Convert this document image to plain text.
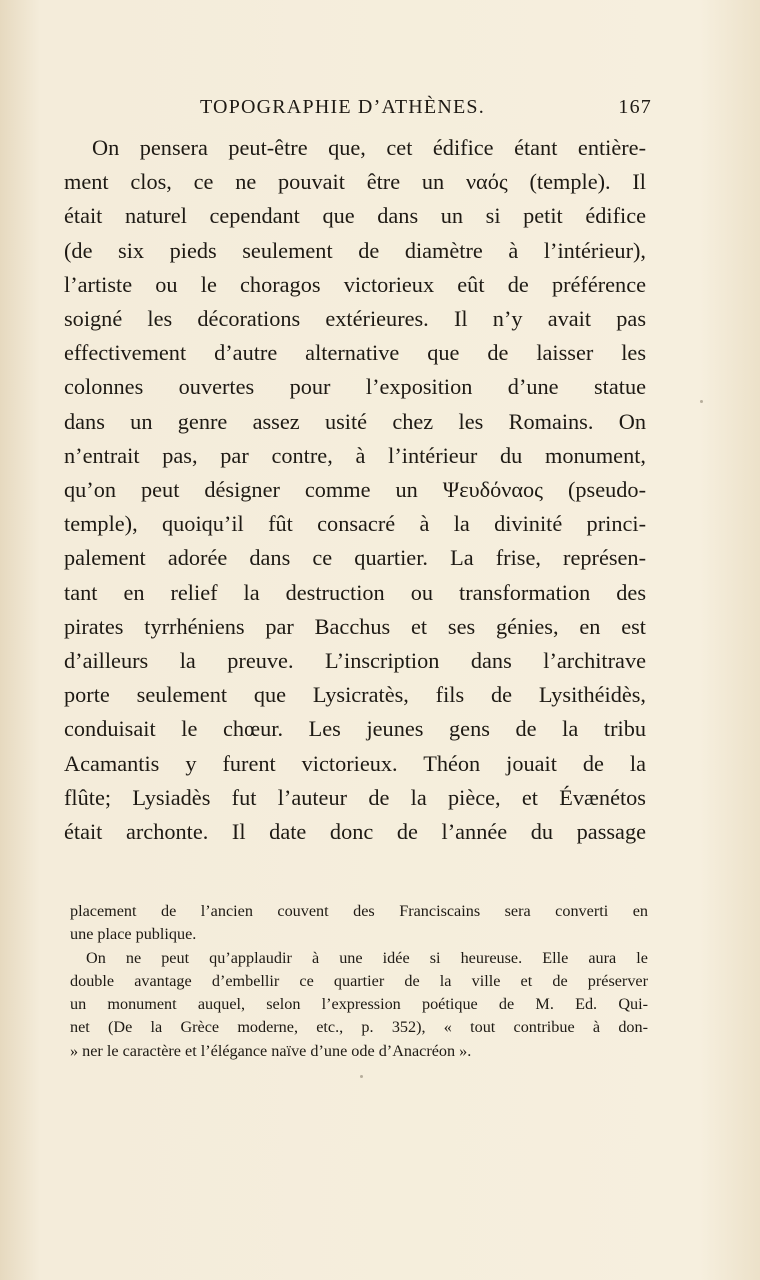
TOPOGRAPHIE D’ATHÈNES.	167
On pensera peut-être que, cet édifice étant entière-
ment clos, ce ne pouvait être un ναός (temple). Il
était naturel cependant que dans un si petit édifice
(de six pieds seulement de diamètre à l’intérieur),
l’artiste ou le choragos victorieux eût de préférence
soigné les décorations extérieures. Il n’y avait pas
effectivement d’autre alternative que de laisser les
colonnes ouvertes pour l’exposition d’une statue
dans un genre assez usité chez les Romains. On
n’entrait pas, par contre, à l’intérieur du monument,
qu’on peut désigner comme un Ψευδόναος (pseudo-
temple), quoiqu’il fût consacré à la divinité princi-
palement adorée dans ce quartier. La frise, représen-
tant en relief la destruction ou transformation des
pirates tyrrhéniens par Bacchus et ses génies, en est
d’ailleurs la preuve. L’inscription dans l’architrave
porte seulement que Lysicratès, fils de Lysithéidès,
conduisait le chœur. Les jeunes gens de la tribu
Acamantis y furent victorieux. Théon jouait de la
flûte; Lysiadès fut l’auteur de la pièce, et Évænétos
était archonte. Il date donc de l’année du passage
placement de l’ancien couvent des Franciscains sera converti en
une place publique.
On ne peut qu’applaudir à une idée si heureuse. Elle aura le
double avantage d’embellir ce quartier de la ville et de préserver
un monument auquel, selon l’expression poétique de M. Ed. Qui-
net (De la Grèce moderne, etc., p. 352), « tout contribue à don-
» ner le caractère et l’élégance naïve d’une ode d’Anacréon ».
